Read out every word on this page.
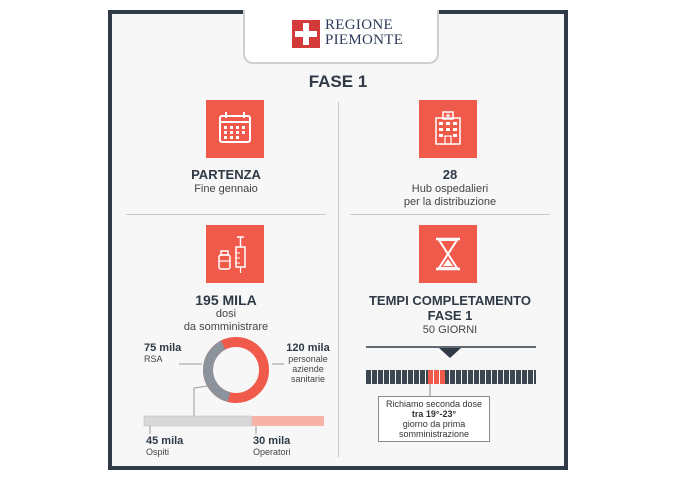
REGIONE
PIEMONTE
FASE 1
PARTENZA
Fine gennaio
28
Hub ospedalieri
per la distribuzione
195 MILA
dosi
da somministrare
75 mila
RSA
120 mila
personale
aziende
sanitarie
45 mila
Ospiti
30 mila
Operatori
TEMPI COMPLETAMENTO
FASE 1
50 GIORNI
Richiamo seconda dose
tra 19°-23°
giorno da prima
somministrazione
